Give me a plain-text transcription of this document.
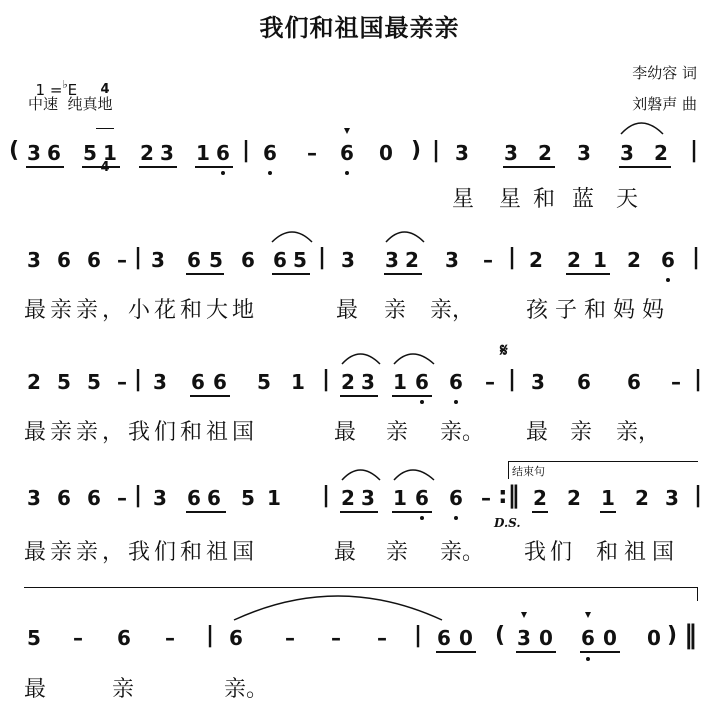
我们和祖国最亲亲

1 =♭E

	4

中速  纯真地
李幼容 词
刘磐声 曲
( 3 6 5 1 2 3 1 6 | 6 – 6 0 ) | 3 3 2 3 3 2 |
星 星 和 蓝 天
3 6 6 – | 3 6 5 6 6 5 | 3 3 2 3 – | 2 2 1 2 6 |
最亲亲，小花和大地	最 亲 亲， 孩子和妈妈
2 5 5 – | 3 6 6 5 1 | 2 3 1 6 6 – | 3 6 6 – |
𝄋
最亲亲，我们和祖国	最 亲 亲。 最 亲 亲，
结束句
3 6 6 – | 3 6 6 5 1 | 2 3 1 6 6 – :‖ 2 2 1 2 3 |
D.S.
最亲亲，我们和祖国	最 亲 亲。 我们 和祖国
5 – 6 – | 6 – – – | 6 0 ( 3 0 6 0 0 ) ‖
最	亲	亲。
